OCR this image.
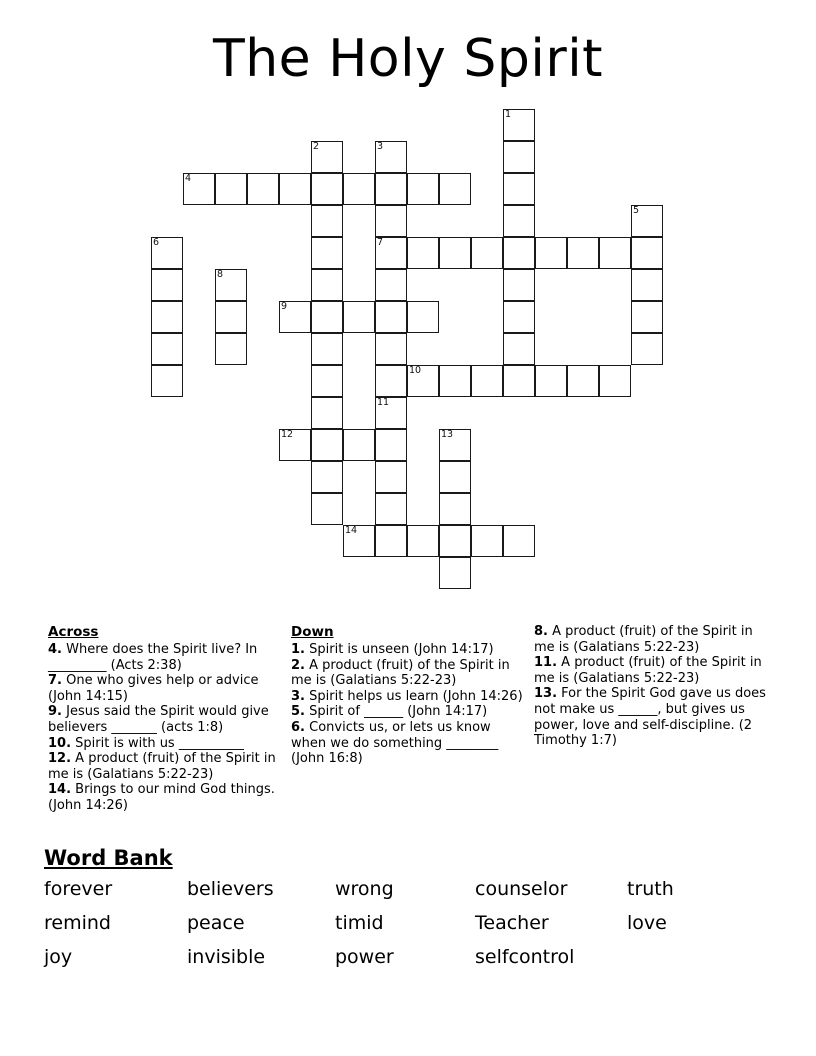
The Holy Spirit
1
2	3
7
4
5
6
8
9
10
11
12	13
14
Across

4. Where does the Spirit live? In _________ (Acts 2:38)

7. One who gives help or advice (John 14:15)

9. Jesus said the Spirit would give believers _______ (acts 1:8)

10. Spirit is with us __________

12. A product (fruit) of the Spirit in me is (Galatians 5:22-23)

14. Brings to our mind God things. (John 14:26)

Down

1. Spirit is unseen (John 14:17)

2. A product (fruit) of the Spirit in me is (Galatians 5:22-23)

3. Spirit helps us learn (John 14:26)

5. Spirit of ______ (John 14:17)

6. Convicts us, or lets us know when we do something ________ (John 16:8)

8. A product (fruit) of the Spirit in me is (Galatians 5:22-23)

11. A product (fruit) of the Spirit in me is (Galatians 5:22-23)

13. For the Spirit God gave us does not make us ______, but gives us power, love and self-discipline. (2 Timothy 1:7)

Word Bank
forever	believers	wrong	counselor	truth
remind	peace	timid	Teacher	love
joy	invisible	power	selfcontrol
